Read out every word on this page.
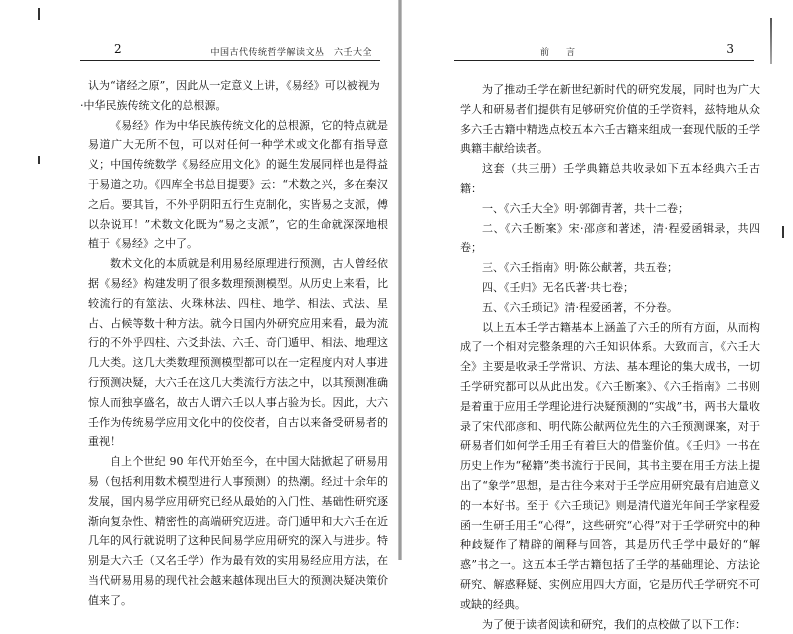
2	中国古代传统哲学解读文丛　六壬大全

认为“诸经之原”，因此从一定意义上讲，《易经》可以被视为

·中华民族传统文化的总根源。

《易经》作为中华民族传统文化的总根源，它的特点就是易道广大无所不包，可以对任何一种学术或文化都有指导意义；中国传统数学《易经应用文化》的诞生发展同样也是得益于易道之功。《四库全书总目提要》云：“术数之兴，多在秦汉之后。要其旨，不外乎阴阳五行生克制化，实皆易之支派，傅以杂说耳！”术数文化既为“易之支派”，它的生命就深深地根植于《易经》之中了。

数术文化的本质就是利用易经原理进行预测，古人曾经依据《易经》构建发明了很多数理预测模型。从历史上来看，比较流行的有筮法、火珠林法、四柱、地学、相法、式法、星占、占候等数十种方法。就今日国内外研究应用来看，最为流行的不外乎四柱、六爻卦法、六壬、奇门遁甲、相法、地理这几大类。这几大类数理预测模型都可以在一定程度内对人事进行预测决疑，大六壬在这几大类流行方法之中，以其预测准确惊人而独享盛名，故古人谓六壬以人事占验为长。因此，大六壬作为传统易学应用文化中的佼佼者，自古以来备受研易者的重视！

自上个世纪 90 年代开始至今，在中国大陆掀起了研易用易（包括利用数术模型进行人事预测）的热潮。经过十余年的发展，国内易学应用研究已经从最始的入门性、基础性研究逐渐向复杂性、精密性的高端研究迈进。奇门遁甲和大六壬在近几年的风行就说明了这种民间易学应用研究的深入与进步。特别是大六壬（又名壬学）作为最有效的实用易经应用方法，在当代研易用易的现代社会越来越体现出巨大的预测决疑决策价值来了。

前　言	3

为了推动壬学在新世纪新时代的研究发展，同时也为广大学人和研易者们提供有足够研究价值的壬学资料，兹特地从众多六壬古籍中精选点校五本六壬古籍来组成一套现代版的壬学典籍丰献给读者。

这套（共三册）壬学典籍总共收录如下五本经典六壬古籍：

一、《六壬大全》明·郭御青著，共十二卷；

二、《六壬断案》宋·邵彦和著述，清·程爱函辑录，共四卷；

三、《六壬指南》明·陈公献著，共五卷；

四、《壬归》无名氏著·共七卷；

五、《六壬琐记》清·程爱函著，不分卷。

以上五本壬学古籍基本上涵盖了六壬的所有方面，从而构成了一个相对完整条理的六壬知识体系。大致而言，《六壬大全》主要是收录壬学常识、方法、基本理论的集大成书，一切壬学研究都可以从此出发。《六壬断案》、《六壬指南》二书则是着重于应用壬学理论进行决疑预测的“实战”书，两书大量收录了宋代邵彦和、明代陈公献两位先生的六壬预测课案，对于研易者们如何学壬用壬有着巨大的借鉴价值。《壬归》一书在历史上作为“秘籍”类书流行于民间，其书主要在用壬方法上提出了“象学”思想，是古往今来对于壬学应用研究最有启迪意义的一本好书。至于《六壬琐记》则是清代道光年间壬学家程爱函一生研壬用壬“心得”，这些研究“心得”对于壬学研究中的种种歧疑作了精辟的阐释与回答，其是历代壬学中最好的“解惑”书之一。这五本壬学古籍包括了壬学的基础理论、方法论研究、解惑释疑、实例应用四大方面，它是历代壬学研究不可或缺的经典。

为了便于读者阅读和研究，我们的点校做了以下工作：
